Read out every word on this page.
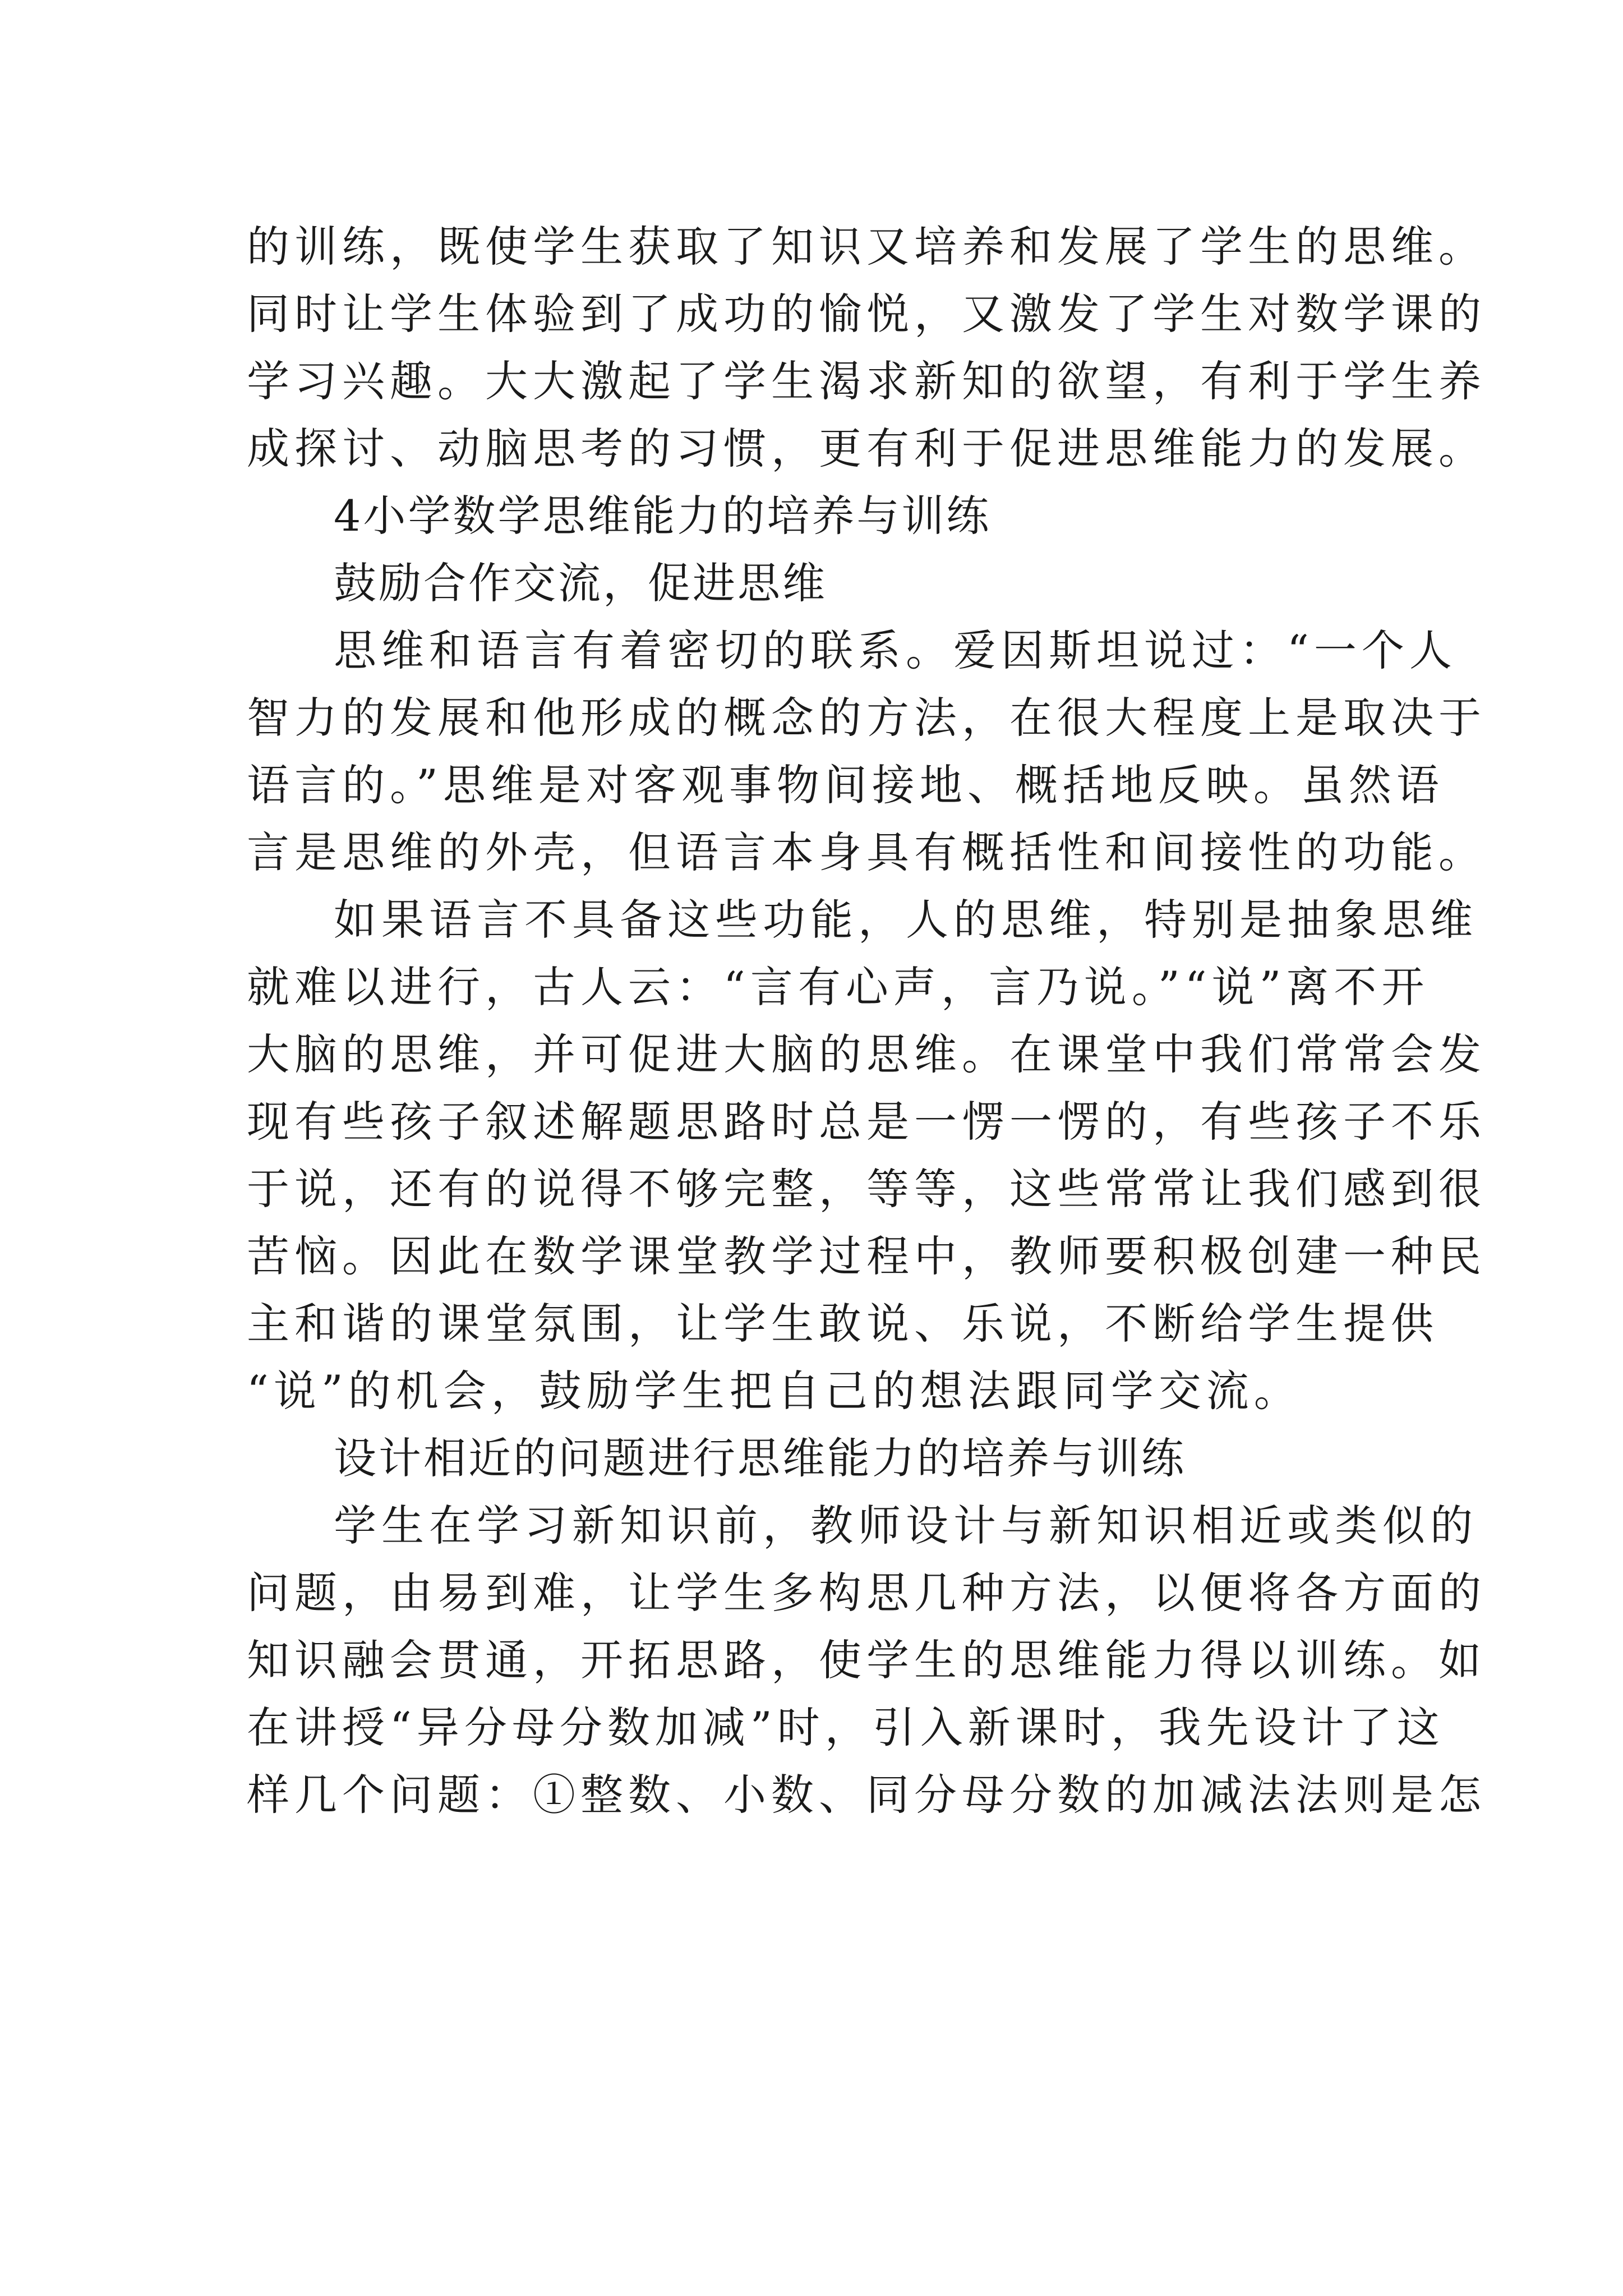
的训练，既使学生获取了知识又培养和发展了学生的思维。
同时让学生体验到了成功的愉悦，又激发了学生对数学课的
学习兴趣。大大激起了学生渴求新知的欲望，有利于学生养
成探讨、动脑思考的习惯，更有利于促进思维能力的发展。
4小学数学思维能力的培养与训练
鼓励合作交流，促进思维
思维和语言有着密切的联系。爱因斯坦说过：“一个人
智力的发展和他形成的概念的方法，在很大程度上是取决于
语言的。”思维是对客观事物间接地、概括地反映。虽然语
言是思维的外壳，但语言本身具有概括性和间接性的功能。
如果语言不具备这些功能，人的思维，特别是抽象思维
就难以进行，古人云：“言有心声，言乃说。”“说”离不开
大脑的思维，并可促进大脑的思维。在课堂中我们常常会发
现有些孩子叙述解题思路时总是一愣一愣的，有些孩子不乐
于说，还有的说得不够完整，等等，这些常常让我们感到很
苦恼。因此在数学课堂教学过程中，教师要积极创建一种民
主和谐的课堂氛围，让学生敢说、乐说，不断给学生提供
“说”的机会，鼓励学生把自己的想法跟同学交流。
设计相近的问题进行思维能力的培养与训练
学生在学习新知识前，教师设计与新知识相近或类似的
问题，由易到难，让学生多构思几种方法，以便将各方面的
知识融会贯通，开拓思路，使学生的思维能力得以训练。如
在讲授“异分母分数加减”时，引入新课时，我先设计了这
样几个问题：①整数、小数、同分母分数的加减法法则是怎
